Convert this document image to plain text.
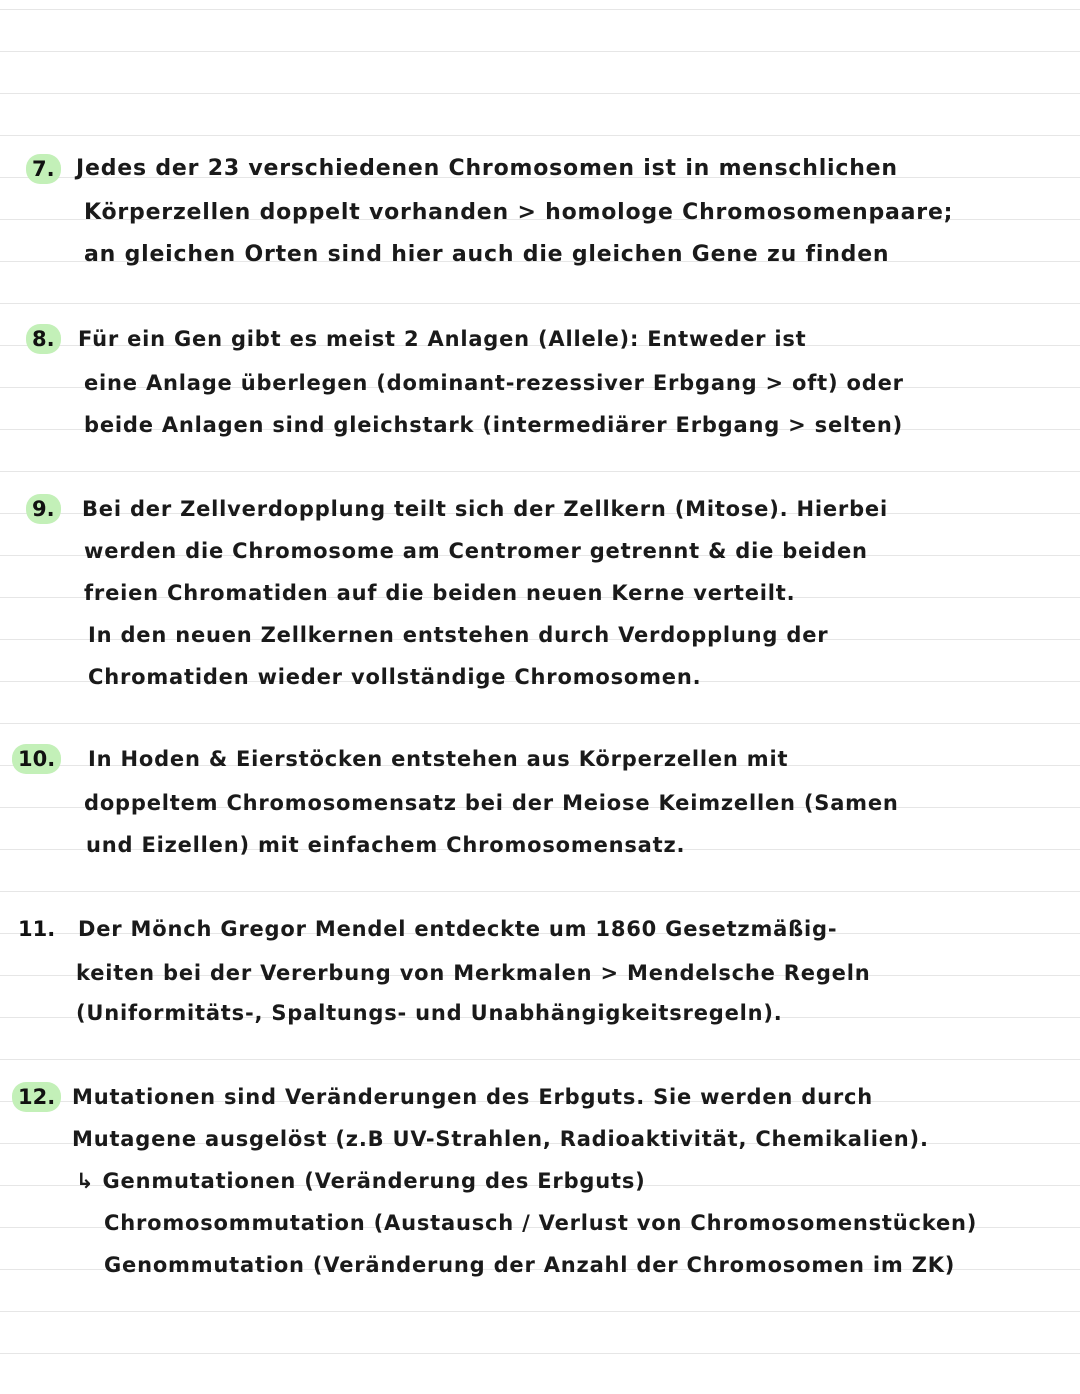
7. Jedes der 23 verschiedenen Chromosomen ist in menschlichen
Körperzellen doppelt vorhanden > homologe Chromosomenpaare;
an gleichen Orten sind hier auch die gleichen Gene zu finden
8. Für ein Gen gibt es meist 2 Anlagen (Allele): Entweder ist
eine Anlage überlegen (dominant-rezessiver Erbgang > oft) oder
beide Anlagen sind gleichstark (intermediärer Erbgang > selten)
9. Bei der Zellverdopplung teilt sich der Zellkern (Mitose). Hierbei
werden die Chromosome am Centromer getrennt & die beiden
freien Chromatiden auf die beiden neuen Kerne verteilt.
In den neuen Zellkernen entstehen durch Verdopplung der
Chromatiden wieder vollständige Chromosomen.
10. In Hoden & Eierstöcken entstehen aus Körperzellen mit
doppeltem Chromosomensatz bei der Meiose Keimzellen (Samen
und Eizellen) mit einfachem Chromosomensatz.
11. Der Mönch Gregor Mendel entdeckte um 1860 Gesetzmäßig-
keiten bei der Vererbung von Merkmalen > Mendelsche Regeln
(Uniformitäts-, Spaltungs- und Unabhängigkeitsregeln).
12. Mutationen sind Veränderungen des Erbguts. Sie werden durch
Mutagene ausgelöst (z.B UV-Strahlen, Radioaktivität, Chemikalien).
↳ Genmutationen (Veränderung des Erbguts)
Chromosommutation (Austausch / Verlust von Chromosomenstücken)
Genommutation (Veränderung der Anzahl der Chromosomen im ZK)
